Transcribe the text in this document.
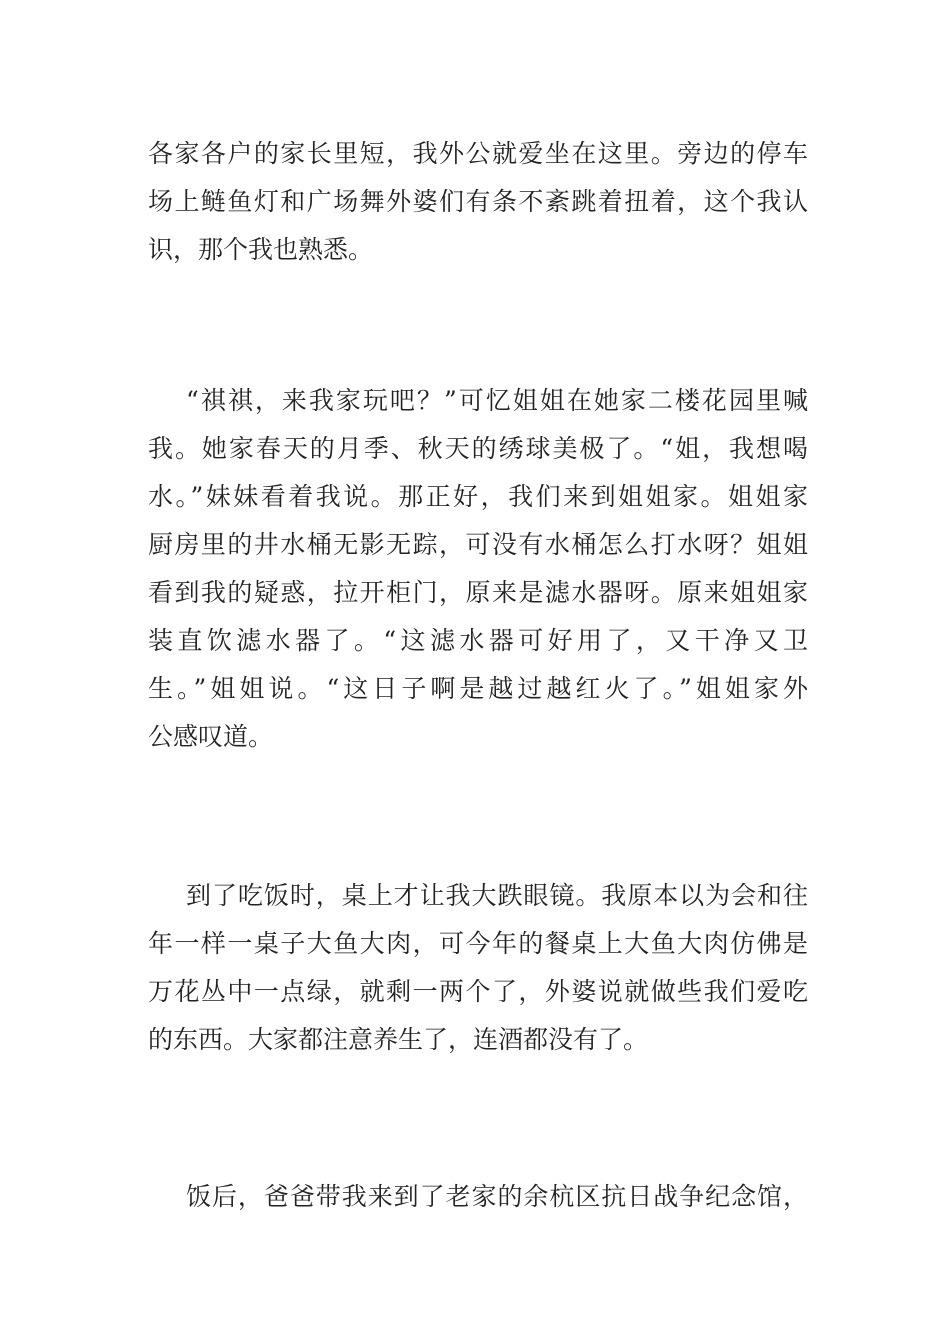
各家各户的家长里短，我外公就爱坐在这里。旁边的停车
场上鲢鱼灯和广场舞外婆们有条不紊跳着扭着，这个我认
识，那个我也熟悉。
“祺祺，来我家玩吧？”可忆姐姐在她家二楼花园里喊
我。她家春天的月季、秋天的绣球美极了。“姐，我想喝
水。”妹妹看着我说。那正好，我们来到姐姐家。姐姐家
厨房里的井水桶无影无踪，可没有水桶怎么打水呀？姐姐
看到我的疑惑，拉开柜门，原来是滤水器呀。原来姐姐家
装直饮滤水器了。“这滤水器可好用了，又干净又卫
生。”姐姐说。“这日子啊是越过越红火了。”姐姐家外
公感叹道。
到了吃饭时，桌上才让我大跌眼镜。我原本以为会和往
年一样一桌子大鱼大肉，可今年的餐桌上大鱼大肉仿佛是
万花丛中一点绿，就剩一两个了，外婆说就做些我们爱吃
的东西。大家都注意养生了，连酒都没有了。
饭后，爸爸带我来到了老家的余杭区抗日战争纪念馆，
